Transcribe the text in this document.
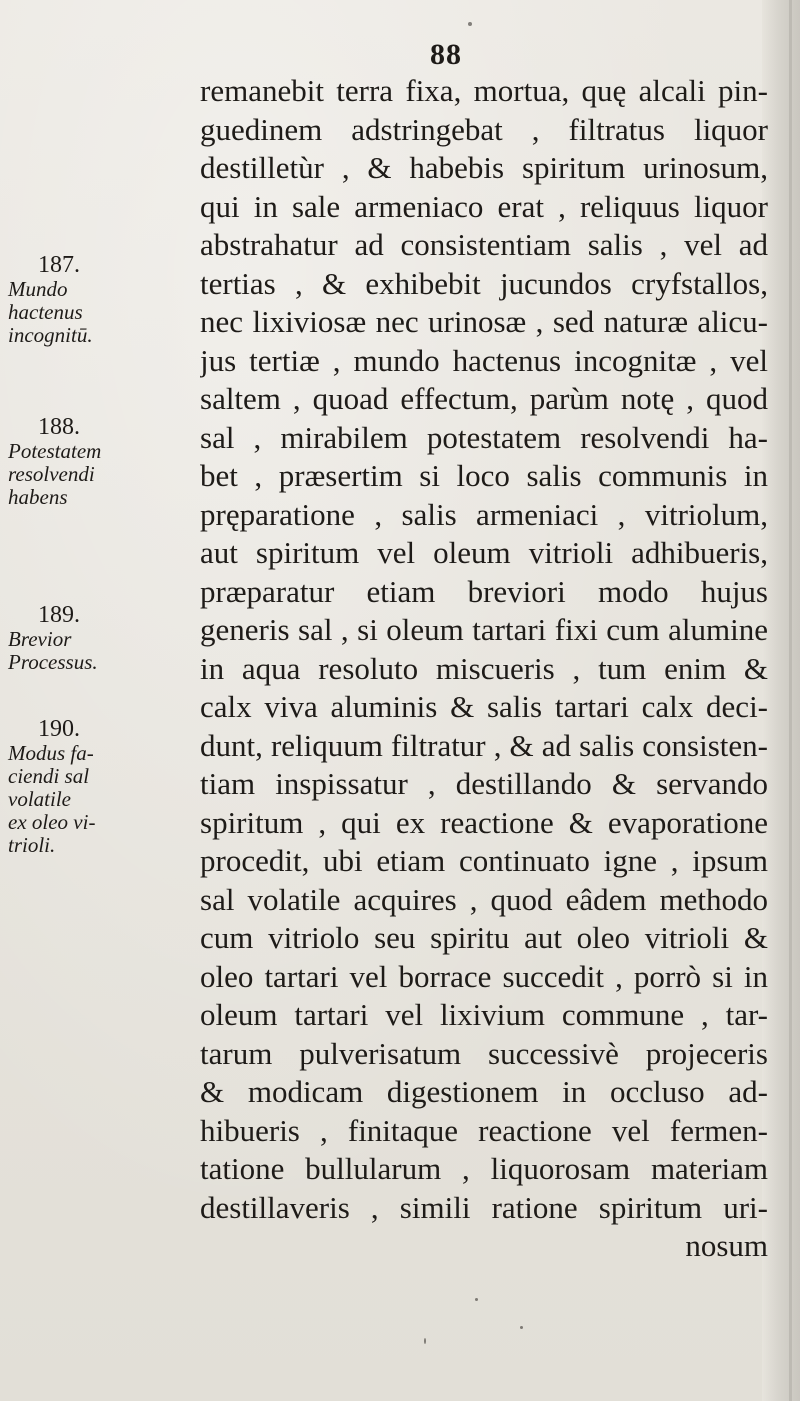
88
remanebit terra fixa, mortua, quę alcali pin-
guedinem adstringebat , filtratus liquor
destilletùr , & habebis spiritum urinosum,
qui in sale armeniaco erat , reliquus liquor
abstrahatur ad consistentiam salis , vel ad
tertias , & exhibebit jucundos cryfstallos,
nec lixiviosæ nec urinosæ , sed naturæ alicu-
jus tertiæ , mundo hactenus incognitæ , vel
saltem , quoad effectum, parùm notę , quod
sal , mirabilem potestatem resolvendi ha-
bet , præsertim si loco salis communis in
pręparatione , salis armeniaci , vitriolum,
aut spiritum vel oleum vitrioli adhibueris,
præparatur etiam breviori modo hujus
generis sal , si oleum tartari fixi cum alumine
in aqua resoluto miscueris , tum enim &
calx viva aluminis & salis tartari calx deci-
dunt, reliquum filtratur , & ad salis consisten-
tiam inspissatur , destillando & servando
spiritum , qui ex reactione & evaporatione
procedit, ubi etiam continuato igne , ipsum
sal volatile acquires , quod eâdem methodo
cum vitriolo seu spiritu aut oleo vitrioli &
oleo tartari vel borrace succedit , porrò si in
oleum tartari vel lixivium commune , tar-
tarum pulverisatum successivè projeceris
& modicam digestionem in occluso ad-
hibueris , finitaque reactione vel fermen-
tatione bullularum , liquorosam materiam
destillaveris , simili ratione spiritum uri-
nosum
187.
Mundo
hactenus
incognitū.
188.
Potestatem
resolvendi
habens
189.
Brevior
Processus.
190.
Modus fa-
ciendi sal
volatile
ex oleo vi-
trioli.
